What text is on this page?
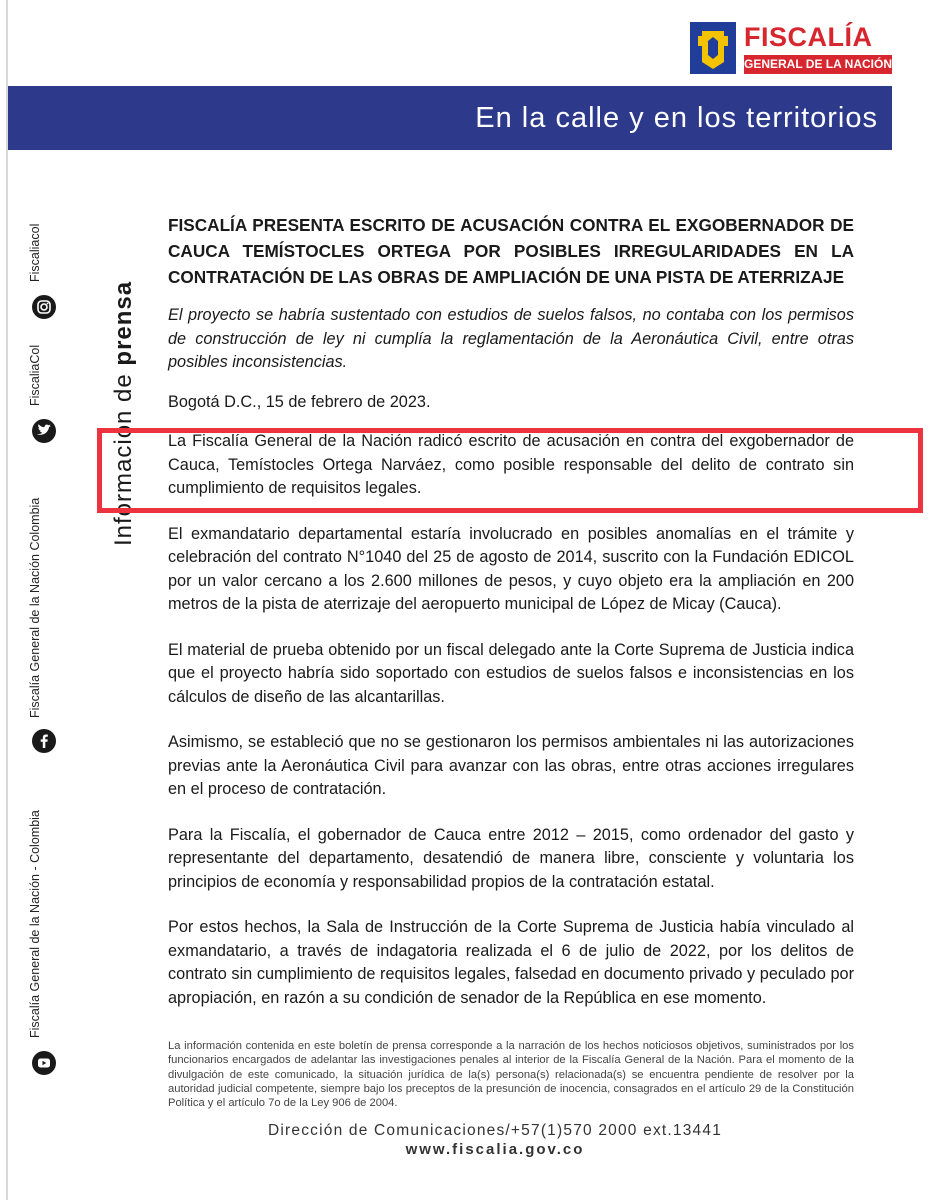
FISCALÍA
GENERAL DE LA NACIÓN
En la calle y en los territorios
Información de prensa
Fiscaliacol
FiscaliaCol
Fiscalía General de la Nación Colombia
Fiscalía General de la Nación - Colombia
FISCALÍA PRESENTA ESCRITO DE ACUSACIÓN CONTRA EL EXGOBERNADOR DE CAUCA TEMÍSTOCLES ORTEGA POR POSIBLES IRREGULARIDADES EN LA CONTRATACIÓN DE LAS OBRAS DE AMPLIACIÓN DE UNA PISTA DE ATERRIZAJE
El proyecto se habría sustentado con estudios de suelos falsos, no contaba con los permisos de construcción de ley ni cumplía la reglamentación de la Aeronáutica Civil, entre otras posibles inconsistencias.
Bogotá D.C., 15 de febrero de 2023.
La Fiscalía General de la Nación radicó escrito de acusación en contra del exgobernador de Cauca, Temístocles Ortega Narváez, como posible responsable del delito de contrato sin cumplimiento de requisitos legales.
El exmandatario departamental estaría involucrado en posibles anomalías en el trámite y celebración del contrato N°1040 del 25 de agosto de 2014, suscrito con la Fundación EDICOL por un valor cercano a los 2.600 millones de pesos, y cuyo objeto era la ampliación en 200 metros de la pista de aterrizaje del aeropuerto municipal de López de Micay (Cauca).
El material de prueba obtenido por un fiscal delegado ante la Corte Suprema de Justicia indica que el proyecto habría sido soportado con estudios de suelos falsos e inconsistencias en los cálculos de diseño de las alcantarillas.
Asimismo, se estableció que no se gestionaron los permisos ambientales ni las autorizaciones previas ante la Aeronáutica Civil para avanzar con las obras, entre otras acciones irregulares en el proceso de contratación.
Para la Fiscalía, el gobernador de Cauca entre 2012 – 2015, como ordenador del gasto y representante del departamento, desatendió de manera libre, consciente y voluntaria los principios de economía y responsabilidad propios de la contratación estatal.
Por estos hechos, la Sala de Instrucción de la Corte Suprema de Justicia había vinculado al exmandatario, a través de indagatoria realizada el 6 de julio de 2022, por los delitos de contrato sin cumplimiento de requisitos legales, falsedad en documento privado y peculado por apropiación, en razón a su condición de senador de la República en ese momento.
La información contenida en este boletín de prensa corresponde a la narración de los hechos noticiosos objetivos, suministrados por los funcionarios encargados de adelantar las investigaciones penales al interior de la Fiscalía General de la Nación. Para el momento de la divulgación de este comunicado, la situación jurídica de la(s) persona(s) relacionada(s) se encuentra pendiente de resolver por la autoridad judicial competente, siempre bajo los preceptos de la presunción de inocencia, consagrados en el artículo 29 de la Constitución Política y el artículo 7o de la Ley 906 de 2004.
Dirección de Comunicaciones/+57(1)570 2000 ext.13441
www.fiscalia.gov.co
